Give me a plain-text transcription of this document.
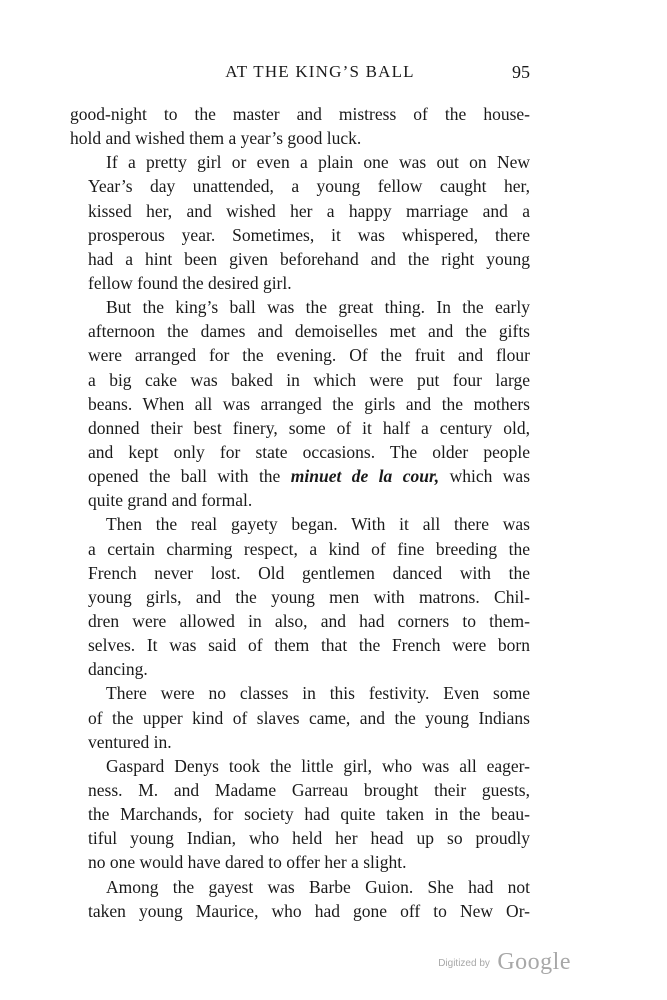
AT THE KING’S BALL	95
good-night to the master and mistress of the house-
hold and wished them a year’s good luck.
If a pretty girl or even a plain one was out on New
Year’s day unattended, a young fellow caught her,
kissed her, and wished her a happy marriage and a
prosperous year. Sometimes, it was whispered, there
had a hint been given beforehand and the right young
fellow found the desired girl.
But the king’s ball was the great thing. In the early
afternoon the dames and demoiselles met and the gifts
were arranged for the evening. Of the fruit and flour
a big cake was baked in which were put four large
beans. When all was arranged the girls and the mothers
donned their best finery, some of it half a century old,
and kept only for state occasions. The older people
opened the ball with the minuet de la cour, which was
quite grand and formal.
Then the real gayety began. With it all there was
a certain charming respect, a kind of fine breeding the
French never lost. Old gentlemen danced with the
young girls, and the young men with matrons. Chil-
dren were allowed in also, and had corners to them-
selves. It was said of them that the French were born
dancing.
There were no classes in this festivity. Even some
of the upper kind of slaves came, and the young Indians
ventured in.
Gaspard Denys took the little girl, who was all eager-
ness. M. and Madame Garreau brought their guests,
the Marchands, for society had quite taken in the beau-
tiful young Indian, who held her head up so proudly
no one would have dared to offer her a slight.
Among the gayest was Barbe Guion. She had not
taken young Maurice, who had gone off to New Or-
Digitized by Google
